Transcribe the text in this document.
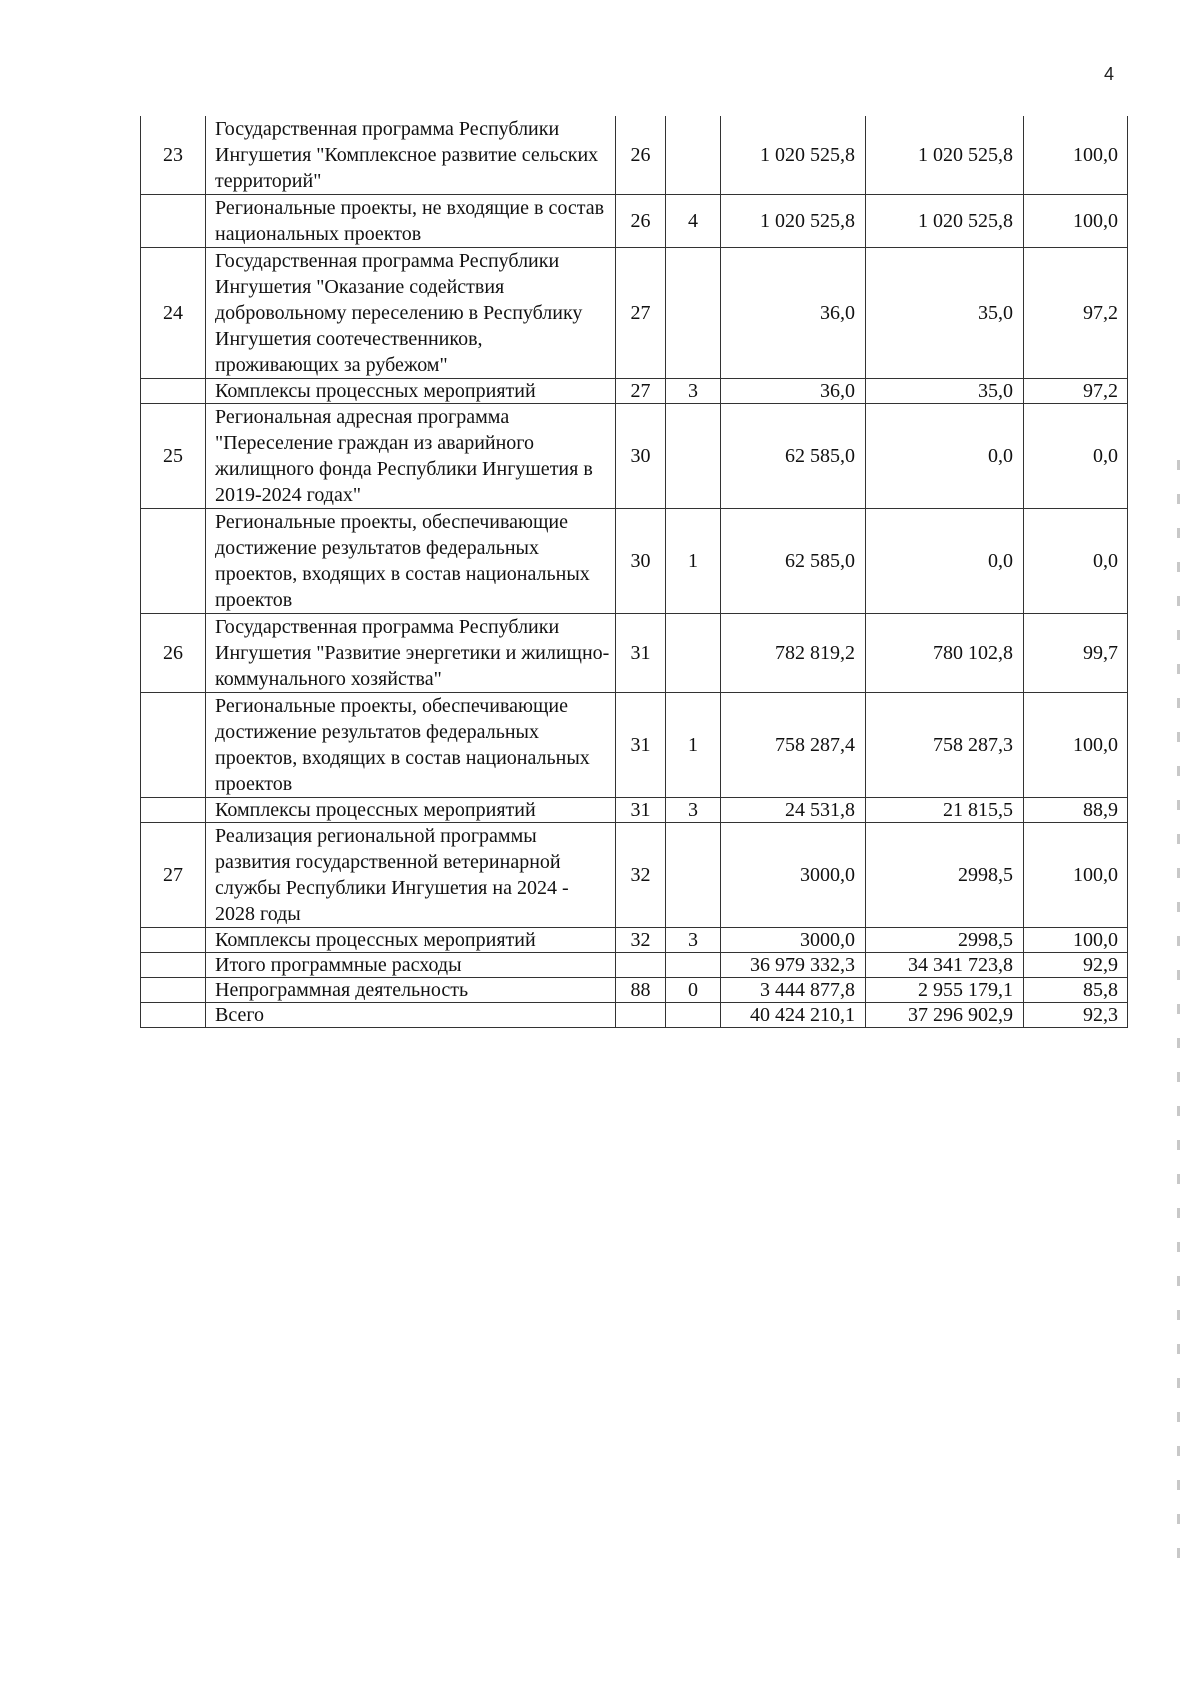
4
23	Государственная программа Республики Ингушетия "Комплексное развитие сельских территорий"	26		1 020 525,8	1 020 525,8	100,0
	Региональные проекты, не входящие в состав национальных проектов	26	4	1 020 525,8	1 020 525,8	100,0
24	Государственная программа Республики Ингушетия "Оказание содействия добровольному переселению в Республику Ингушетия соотечественников, проживающих за рубежом"	27		36,0	35,0	97,2
	Комплексы процессных мероприятий	27	3	36,0	35,0	97,2
25	Региональная адресная программа "Переселение граждан из аварийного жилищного фонда Республики Ингушетия в 2019-2024 годах"	30		62 585,0	0,0	0,0
	Региональные проекты, обеспечивающие достижение результатов федеральных проектов, входящих в состав национальных проектов	30	1	62 585,0	0,0	0,0
26	Государственная программа Республики Ингушетия "Развитие энергетики и жилищно-коммунального хозяйства"	31		782 819,2	780 102,8	99,7
	Региональные проекты, обеспечивающие достижение результатов федеральных проектов, входящих в состав национальных проектов	31	1	758 287,4	758 287,3	100,0
	Комплексы процессных мероприятий	31	3	24 531,8	21 815,5	88,9
27	Реализация региональной программы развития государственной ветеринарной службы Республики Ингушетия на 2024 - 2028 годы	32		3000,0	2998,5	100,0
	Комплексы процессных мероприятий	32	3	3000,0	2998,5	100,0
	Итого программные расходы			36 979 332,3	34 341 723,8	92,9
	Непрограммная деятельность	88	0	3 444 877,8	2 955 179,1	85,8
	Всего			40 424 210,1	37 296 902,9	92,3
